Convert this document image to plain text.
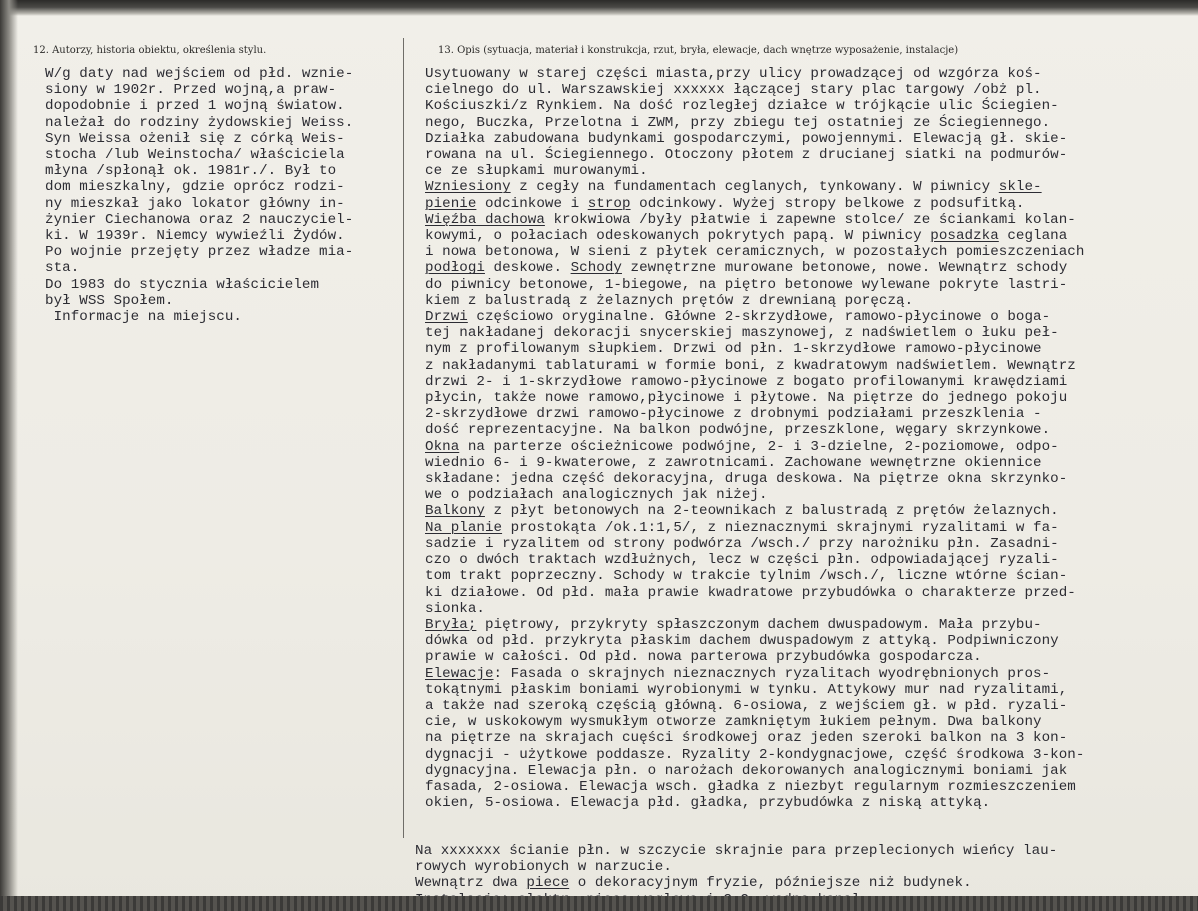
12. Autorzy, historia obiektu, określenia stylu.	13. Opis (sytuacja, materiał i konstrukcja, rzut, bryła, elewacje, dach wnętrze wyposażenie, instalacje)
W/g daty nad wejściem od płd. wznie-
siony w 1902r. Przed wojną,a praw-
dopodobnie i przed 1 wojną światow.
należał do rodziny żydowskiej Weiss.
Syn Weissa ożenił się z córką Weis-
stocha /lub Weinstocha/ właściciela
młyna /spłonął ok. 1981r./. Był to
dom mieszkalny, gdzie oprócz rodzi-
ny mieszkał jako lokator główny in-
żynier Ciechanowa oraz 2 nauczyciel-
ki. W 1939r. Niemcy wywieźli Żydów.
Po wojnie przejęty przez władze mia-
sta.
Do 1983 do stycznia właścicielem
był WSS Społem.
Informacje na miejscu.
Usytuowany w starej części miasta,przy ulicy prowadzącej od wzgórza koś-
cielnego do ul. Warszawskiej xxxxxx łączącej stary plac targowy /obż pl.
Kościuszki/z Rynkiem. Na dość rozległej działce w trójkącie ulic Ściegien-
nego, Buczka, Przelotna i ZWM, przy zbiegu tej ostatniej ze Ściegiennego.
Działka zabudowana budynkami gospodarczymi, powojennymi. Elewacją gł. skie-
rowana na ul. Ściegiennego. Otoczony płotem z drucianej siatki na podmurów-
ce ze słupkami murowanymi.
Wzniesiony z cegły na fundamentach ceglanych, tynkowany. W piwnicy skle-
pienie odcinkowe i strop odcinkowy. Wyżej stropy belkowe z podsufitką.
Więźba dachowa krokwiowa /były płatwie i zapewne stolce/ ze ściankami kolan-
kowymi, o połaciach odeskowanych pokrytych papą. W piwnicy posadzka ceglana
i nowa betonowa, W sieni z płytek ceramicznych, w pozostałych pomieszczeniach
podłogi deskowe. Schody zewnętrzne murowane betonowe, nowe. Wewnątrz schody
do piwnicy betonowe, 1-biegowe, na piętro betonowe wylewane pokryte lastri-
kiem z balustradą z żelaznych prętów z drewnianą poręczą.
Drzwi częściowo oryginalne. Główne 2-skrzydłowe, ramowo-płycinowe o boga-
tej nakładanej dekoracji snycerskiej maszynowej, z nadświetlem o łuku peł-
nym z profilowanym słupkiem. Drzwi od płn. 1-skrzydłowe ramowo-płycinowe
z nakładanymi tablaturami w formie boni, z kwadratowym nadświetlem. Wewnątrz
drzwi 2- i 1-skrzydłowe ramowo-płycinowe z bogato profilowanymi krawędziami
płycin, także nowe ramowo,płycinowe i płytowe. Na piętrze do jednego pokoju
2-skrzydłowe drzwi ramowo-płycinowe z drobnymi podziałami przeszklenia -
dość reprezentacyjne. Na balkon podwójne, przeszklone, węgary skrzynkowe.
Okna na parterze ościeżnicowe podwójne, 2- i 3-dzielne, 2-poziomowe, odpo-
wiednio 6- i 9-kwaterowe, z zawrotnicami. Zachowane wewnętrzne okiennice
składane: jedna część dekoracyjna, druga deskowa. Na piętrze okna skrzynko-
we o podziałach analogicznych jak niżej.
Balkony z płyt betonowych na 2-teownikach z balustradą z prętów żelaznych.
Na planie prostokąta /ok.1:1,5/, z nieznacznymi skrajnymi ryzalitami w fa-
sadzie i ryzalitem od strony podwórza /wsch./ przy narożniku płn. Zasadni-
czo o dwóch traktach wzdłużnych, lecz w części płn. odpowiadającej ryzali-
tom trakt poprzeczny. Schody w trakcie tylnim /wsch./, liczne wtórne ścian-
ki działowe. Od płd. mała prawie kwadratowe przybudówka o charakterze przed-
sionka.
Bryła; piętrowy, przykryty spłaszczonym dachem dwuspadowym. Mała przybu-
dówka od płd. przykryta płaskim dachem dwuspadowym z attyką. Podpiwniczony
prawie w całości. Od płd. nowa parterowa przybudówka gospodarcza.
Elewacje: Fasada o skrajnych nieznacznych ryzalitach wyodrębnionych pros-
tokątnymi płaskim boniami wyrobionymi w tynku. Attykowy mur nad ryzalitami,
a także nad szeroką częścią główną. 6-osiowa, z wejściem gł. w płd. ryzali-
cie, w uskokowym wysmukłym otworze zamkniętym łukiem pełnym. Dwa balkony
na piętrze na skrajach cuęści środkowej oraz jeden szeroki balkon na 3 kon-
dygnacji - użytkowe poddasze. Ryzality 2-kondygnacjowe, część środkowa 3-kon-
dygnacyjna. Elewacja płn. o narożach dekorowanych analogicznymi boniami jak
fasada, 2-osiowa. Elewacja wsch. gładka z niezbyt regularnym rozmieszczeniem
okien, 5-osiowa. Elewacja płd. gładka, przybudówka z niską attyką.
Na xxxxxxx ścianie płn. w szczycie skrajnie para przeplecionych wieńcy lau-
rowych wyrobionych w narzucie.
Wewnątrz dwa piece o dekoracyjnym fryzie, późniejsze niż budynek.
